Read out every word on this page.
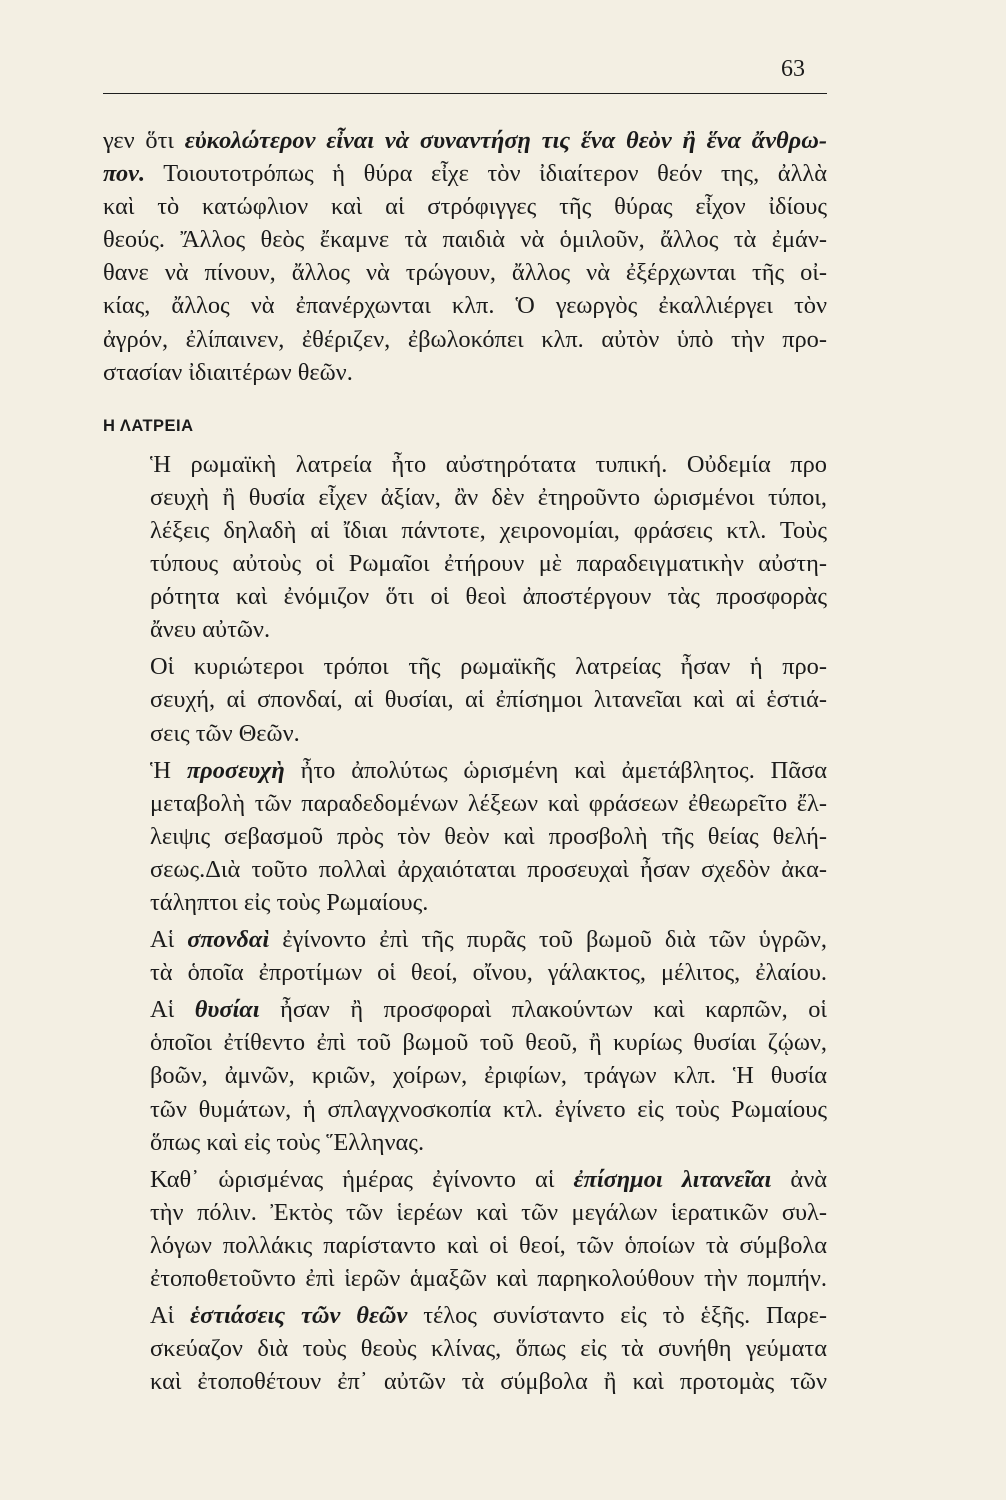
63
γεν ὅτι εὐκολώτερον εἶναι νὰ συναντήσῃ τις ἕνα θεὸν ἢ ἕνα ἄνθρω-
πον. Τοιουτοτρόπως ἡ θύρα εἶχε τὸν ἰδιαίτερον θεόν της, ἀλλὰ
καὶ τὸ κατώφλιον καὶ αἱ στρόφιγγες τῆς θύρας εἶχον ἰδίους
θεούς. Ἄλλος θεὸς ἔκαμνε τὰ παιδιὰ νὰ ὁμιλοῦν, ἄλλος τὰ ἐμάν-
θανε νὰ πίνουν, ἄλλος νὰ τρώγουν, ἄλλος νὰ ἐξέρχωνται τῆς οἰ-
κίας, ἄλλος νὰ ἐπανέρχωνται κλπ. Ὁ γεωργὸς ἐκαλλιέργει τὸν
ἀγρόν, ἐλίπαινεν, ἐθέριζεν, ἐβωλοκόπει κλπ. αὐτὸν ὑπὸ τὴν προ-
στασίαν ἰδιαιτέρων θεῶν.
Η ΛΑΤΡΕΙΑ
Ἡ ρωμαϊκὴ λατρεία ἦτο αὐστηρότατα τυπική. Οὐδεμία προ
σευχὴ ἢ θυσία εἶχεν ἀξίαν, ἂν δὲν ἐτηροῦντο ὡρισμένοι τύποι,
λέξεις δηλαδὴ αἱ ἴδιαι πάντοτε, χειρονομίαι, φράσεις κτλ. Τοὺς
τύπους αὐτοὺς οἱ Ρωμαῖοι ἐτήρουν μὲ παραδειγματικὴν αὐστη-
ρότητα καὶ ἐνόμιζον ὅτι οἱ θεοὶ ἀποστέργουν τὰς προσφορὰς
ἄνευ αὐτῶν.
Οἱ κυριώτεροι τρόποι τῆς ρωμαϊκῆς λατρείας ἦσαν ἡ προ-
σευχή, αἱ σπονδαί, αἱ θυσίαι, αἱ ἐπίσημοι λιτανεῖαι καὶ αἱ ἑστιά-
σεις τῶν Θεῶν.
Ἡ προσευχὴ ἦτο ἀπολύτως ὡρισμένη καὶ ἀμετάβλητος. Πᾶσα
μεταβολὴ τῶν παραδεδομένων λέξεων καὶ φράσεων ἐθεωρεῖτο ἔλ-
λειψις σεβασμοῦ πρὸς τὸν θεὸν καὶ προσβολὴ τῆς θείας θελή-
σεως.Διὰ τοῦτο πολλαὶ ἀρχαιόταται προσευχαὶ ἦσαν σχεδὸν ἀκα-
τάληπτοι εἰς τοὺς Ρωμαίους.
Αἱ σπονδαὶ ἐγίνοντο ἐπὶ τῆς πυρᾶς τοῦ βωμοῦ διὰ τῶν ὑγρῶν,
τὰ ὁποῖα ἐπροτίμων οἱ θεοί, οἴνου, γάλακτος, μέλιτος, ἐλαίου.
Αἱ θυσίαι ἦσαν ἢ προσφοραὶ πλακούντων καὶ καρπῶν, οἱ
ὁποῖοι ἐτίθεντο ἐπὶ τοῦ βωμοῦ τοῦ θεοῦ, ἢ κυρίως θυσίαι ζῴων,
βοῶν, ἀμνῶν, κριῶν, χοίρων, ἐριφίων, τράγων κλπ. Ἡ θυσία
τῶν θυμάτων, ἡ σπλαγχνοσκοπία κτλ. ἐγίνετο εἰς τοὺς Ρωμαίους
ὅπως καὶ εἰς τοὺς Ἕλληνας.
Καθ᾽ ὡρισμένας ἡμέρας ἐγίνοντο αἱ ἐπίσημοι λιτανεῖαι ἀνὰ
τὴν πόλιν. Ἐκτὸς τῶν ἱερέων καὶ τῶν μεγάλων ἱερατικῶν συλ-
λόγων πολλάκις παρίσταντο καὶ οἱ θεοί, τῶν ὁποίων τὰ σύμβολα
ἐτοποθετοῦντο ἐπὶ ἱερῶν ἁμαξῶν καὶ παρηκολούθουν τὴν πομπήν.
Αἱ ἑστιάσεις τῶν θεῶν τέλος συνίσταντο εἰς τὸ ἑξῆς. Παρε-
σκεύαζον διὰ τοὺς θεοὺς κλίνας, ὅπως εἰς τὰ συνήθη γεύματα
καὶ ἐτοποθέτουν ἐπ᾽ αὐτῶν τὰ σύμβολα ἢ καὶ προτομὰς τῶν
